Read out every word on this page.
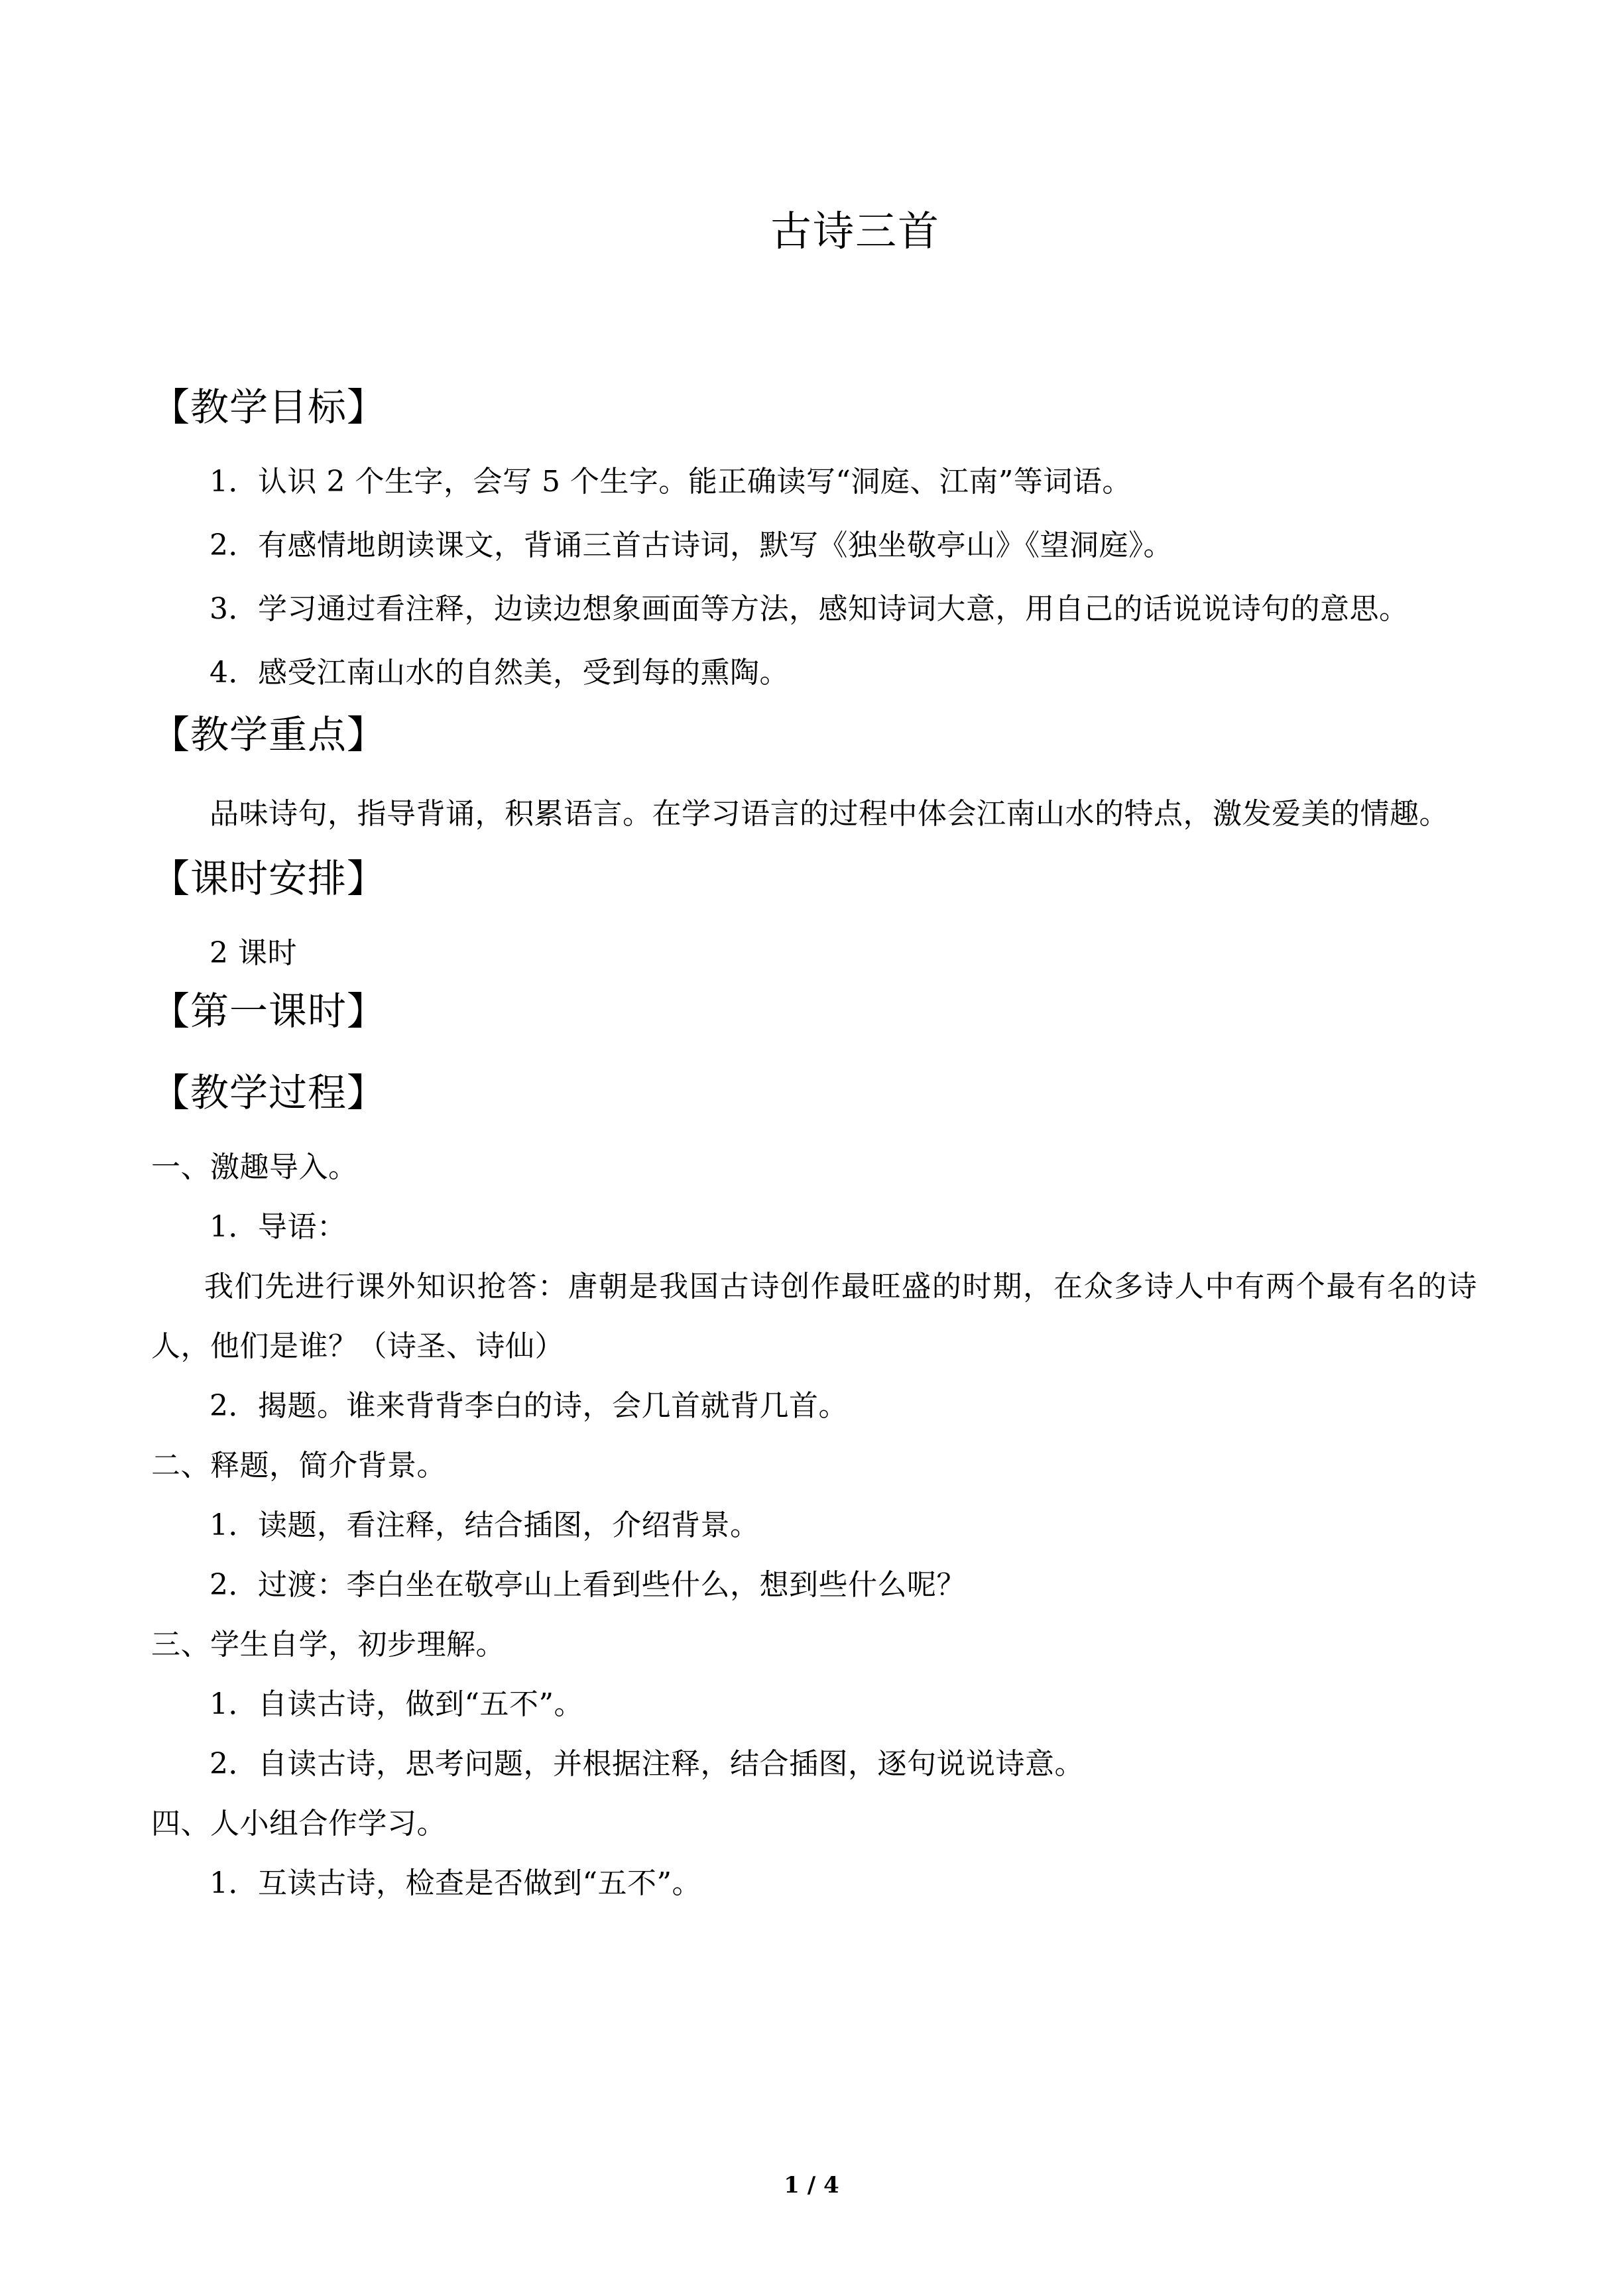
古诗三首
【教学目标】

1．认识 2 个生字，会写 5 个生字。能正确读写“洞庭、江南”等词语。

2．有感情地朗读课文，背诵三首古诗词，默写《独坐敬亭山》《望洞庭》。

3．学习通过看注释，边读边想象画面等方法，感知诗词大意，用自己的话说说诗句的意思。

4．感受江南山水的自然美，受到每的熏陶。

【教学重点】

品味诗句，指导背诵，积累语言。在学习语言的过程中体会江南山水的特点，激发爱美的情趣。

【课时安排】

2 课时

【第一课时】
【教学过程】

一、激趣导入。

1．导语：

我们先进行课外知识抢答：唐朝是我国古诗创作最旺盛的时期，在众多诗人中有两个最有名的诗人，他们是谁？（诗圣、诗仙）

2．揭题。谁来背背李白的诗，会几首就背几首。

二、释题，简介背景。

1．读题，看注释，结合插图，介绍背景。

2．过渡：李白坐在敬亭山上看到些什么，想到些什么呢？

三、学生自学，初步理解。

1．自读古诗，做到“五不”。

2．自读古诗，思考问题，并根据注释，结合插图，逐句说说诗意。

四、人小组合作学习。

1．互读古诗，检查是否做到“五不”。

1 / 4
